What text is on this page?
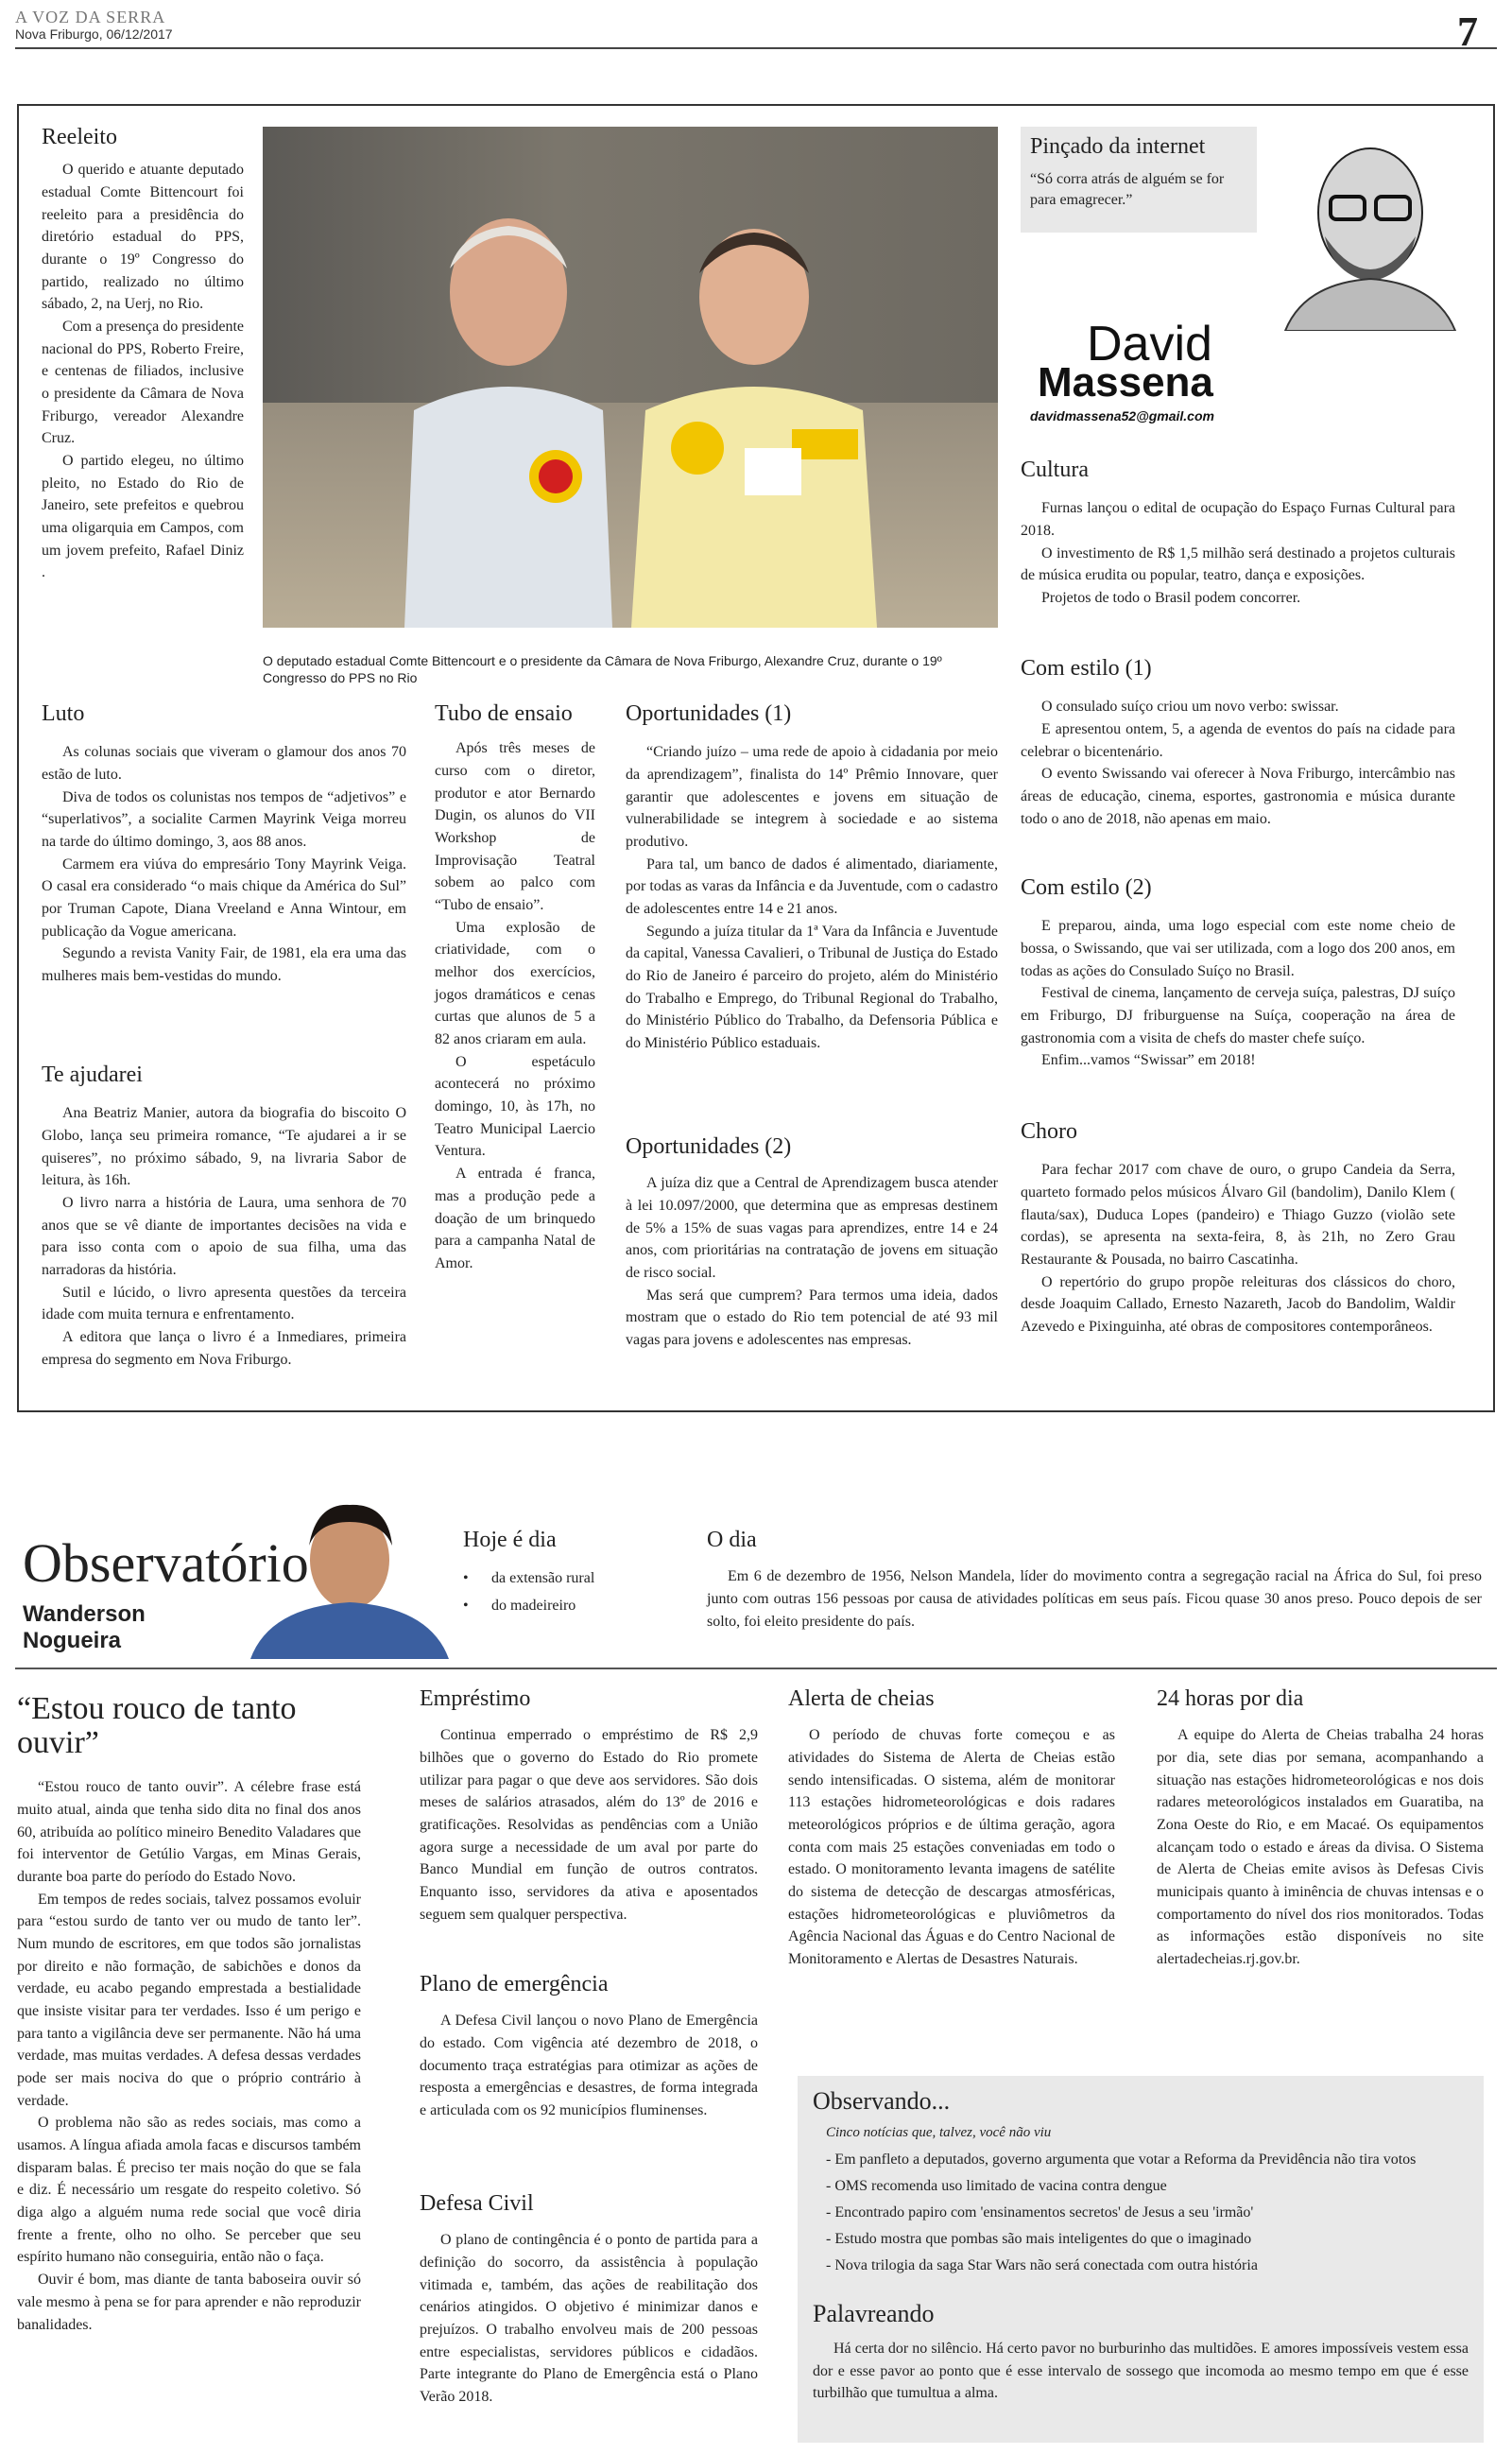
A VOZ DA SERRA
Nova Friburgo, 06/12/2017	7
Reeleito

O querido e atuante deputado estadual Comte Bittencourt foi reeleito para a presidência do diretório estadual do PPS, durante o 19º Congresso do partido, realizado no último sábado, 2, na Uerj, no Rio.

Com a presença do presidente nacional do PPS, Roberto Freire, e centenas de filiados, inclusive o presidente da Câmara de Nova Friburgo, vereador Alexandre Cruz.

O partido elegeu, no último pleito, no Estado do Rio de Janeiro, sete prefeitos e quebrou uma oligarquia em Campos, com um jovem prefeito, Rafael Diniz .

O deputado estadual Comte Bittencourt e o presidente da Câmara de Nova Friburgo, Alexandre Cruz, durante o 19º Congresso do PPS no Rio
Pinçado da internet
“Só corra atrás de alguém se for para emagrecer.”
David
Massena
davidmassena52@gmail.com
Luto

As colunas sociais que viveram o glamour dos anos 70 estão de luto.

Diva de todos os colunistas nos tempos de “adjetivos” e “superlativos”, a socialite Carmen Mayrink Veiga morreu na tarde do último domingo, 3, aos 88 anos.

Carmem era viúva do empresário Tony Mayrink Veiga. O casal era considerado “o mais chique da América do Sul” por Truman Capote, Diana Vreeland e Anna Wintour, em publicação da Vogue americana.

Segundo a revista Vanity Fair, de 1981, ela era uma das mulheres mais bem-vestidas do mundo.

Te ajudarei

Ana Beatriz Manier, autora da biografia do biscoito O Globo, lança seu primeira romance, “Te ajudarei a ir se quiseres”, no próximo sábado, 9, na livraria Sabor de leitura, às 16h.

O livro narra a história de Laura, uma senhora de 70 anos que se vê diante de importantes decisões na vida e para isso conta com o apoio de sua filha, uma das narradoras da história.

Sutil e lúcido, o livro apresenta questões da terceira idade com muita ternura e enfrentamento.

A editora que lança o livro é a Inmediares, primeira empresa do segmento em Nova Friburgo.

Tubo de ensaio

Após três meses de curso com o diretor, produtor e ator Bernardo Dugin, os alunos do VII Workshop de Improvisação Teatral sobem ao palco com “Tubo de ensaio”.

Uma explosão de criatividade, com o melhor dos exercícios, jogos dramáticos e cenas curtas que alunos de 5 a 82 anos criaram em aula.

O espetáculo acontecerá no próximo domingo, 10, às 17h, no Teatro Municipal Laercio Ventura.

A entrada é franca, mas a produção pede a doação de um brinquedo para a campanha Natal de Amor.

Oportunidades (1)

“Criando juízo – uma rede de apoio à cidadania por meio da aprendizagem”, finalista do 14º Prêmio Innovare, quer garantir que adolescentes e jovens em situação de vulnerabilidade se integrem à sociedade e ao sistema produtivo.

Para tal, um banco de dados é alimentado, diariamente, por todas as varas da Infância e da Juventude, com o cadastro de adolescentes entre 14 e 21 anos.

Segundo a juíza titular da 1ª Vara da Infância e Juventude da capital, Vanessa Cavalieri, o Tribunal de Justiça do Estado do Rio de Janeiro é parceiro do projeto, além do Ministério do Trabalho e Emprego, do Tribunal Regional do Trabalho, do Ministério Público do Trabalho, da Defensoria Pública e do Ministério Público estaduais.

Oportunidades (2)

A juíza diz que a Central de Aprendizagem busca atender à lei 10.097/2000, que determina que as empresas destinem de 5% a 15% de suas vagas para aprendizes, entre 14 e 24 anos, com prioritárias na contratação de jovens em situação de risco social.

Mas será que cumprem? Para termos uma ideia, dados mostram que o estado do Rio tem potencial de até 93 mil vagas para jovens e adolescentes nas empresas.

Cultura

Furnas lançou o edital de ocupação do Espaço Furnas Cultural para 2018.

O investimento de R$ 1,5 milhão será destinado a projetos culturais de música erudita ou popular, teatro, dança e exposições.

Projetos de todo o Brasil podem concorrer.

Com estilo (1)

O consulado suíço criou um novo verbo: swissar.

E apresentou ontem, 5, a agenda de eventos do país na cidade para celebrar o bicentenário.

O evento Swissando vai oferecer à Nova Friburgo, intercâmbio nas áreas de educação, cinema, esportes, gastronomia e música durante todo o ano de 2018, não apenas em maio.

Com estilo (2)

E preparou, ainda, uma logo especial com este nome cheio de bossa, o Swissando, que vai ser utilizada, com a logo dos 200 anos, em todas as ações do Consulado Suíço no Brasil.

Festival de cinema, lançamento de cerveja suíça, palestras, DJ suíço em Friburgo, DJ friburguense na Suíça, cooperação na área de gastronomia com a visita de chefs do master chefe suíço.

Enfim...vamos “Swissar” em 2018!

Choro

Para fechar 2017 com chave de ouro, o grupo Candeia da Serra, quarteto formado pelos músicos Álvaro Gil (bandolim), Danilo Klem ( flauta/sax), Duduca Lopes (pandeiro) e Thiago Guzzo (violão sete cordas), se apresenta na sexta-feira, 8, às 21h, no Zero Grau Restaurante & Pousada, no bairro Cascatinha.

O repertório do grupo propõe releituras dos clássicos do choro, desde Joaquim Callado, Ernesto Nazareth, Jacob do Bandolim, Waldir Azevedo e Pixinguinha, até obras de compositores contemporâneos.

Observatório
Wanderson
Nogueira
Hoje é dia
• da extensão rural
• do madeireiro
O dia

Em 6 de dezembro de 1956, Nelson Mandela, líder do movimento contra a segregação racial na África do Sul, foi preso junto com outras 156 pessoas por causa de atividades políticas em seus país. Ficou quase 30 anos preso. Pouco depois de ser solto, foi eleito presidente do país.

“Estou rouco de tanto ouvir”

“Estou rouco de tanto ouvir”. A célebre frase está muito atual, ainda que tenha sido dita no final dos anos 60, atribuída ao político mineiro Benedito Valadares que foi interventor de Getúlio Vargas, em Minas Gerais, durante boa parte do período do Estado Novo.

Em tempos de redes sociais, talvez possamos evoluir para “estou surdo de tanto ver ou mudo de tanto ler”. Num mundo de escritores, em que todos são jornalistas por direito e não formação, de sabichões e donos da verdade, eu acabo pegando emprestada a bestialidade que insiste visitar para ter verdades. Isso é um perigo e para tanto a vigilância deve ser permanente. Não há uma verdade, mas muitas verdades. A defesa dessas verdades pode ser mais nociva do que o próprio contrário à verdade.

O problema não são as redes sociais, mas como a usamos. A língua afiada amola facas e discursos também disparam balas. É preciso ter mais noção do que se fala e diz. É necessário um resgate do respeito coletivo. Só diga algo a alguém numa rede social que você diria frente a frente, olho no olho. Se perceber que seu espírito humano não conseguiria, então não o faça.

Ouvir é bom, mas diante de tanta baboseira ouvir só vale mesmo à pena se for para aprender e não reproduzir banalidades.

Empréstimo

Continua emperrado o empréstimo de R$ 2,9 bilhões que o governo do Estado do Rio promete utilizar para pagar o que deve aos servidores. São dois meses de salários atrasados, além do 13º de 2016 e gratificações. Resolvidas as pendências com a União agora surge a necessidade de um aval por parte do Banco Mundial em função de outros contratos. Enquanto isso, servidores da ativa e aposentados seguem sem qualquer perspectiva.

Plano de emergência

A Defesa Civil lançou o novo Plano de Emergência do estado. Com vigência até dezembro de 2018, o documento traça estratégias para otimizar as ações de resposta a emergências e desastres, de forma integrada e articulada com os 92 municípios fluminenses.

Defesa Civil

O plano de contingência é o ponto de partida para a definição do socorro, da assistência à população vitimada e, também, das ações de reabilitação dos cenários atingidos. O objetivo é minimizar danos e prejuízos. O trabalho envolveu mais de 200 pessoas entre especialistas, servidores públicos e cidadãos. Parte integrante do Plano de Emergência está o Plano Verão 2018.

Alerta de cheias

O período de chuvas forte começou e as atividades do Sistema de Alerta de Cheias estão sendo intensificadas. O sistema, além de monitorar 113 estações hidrometeorológicas e dois radares meteorológicos próprios e de última geração, agora conta com mais 25 estações conveniadas em todo o estado. O monitoramento levanta imagens de satélite do sistema de detecção de descargas atmosféricas, estações hidrometeorológicas e pluviômetros da Agência Nacional das Águas e do Centro Nacional de Monitoramento e Alertas de Desastres Naturais.

24 horas por dia

A equipe do Alerta de Cheias trabalha 24 horas por dia, sete dias por semana, acompanhando a situação nas estações hidrometeorológicas e nos dois radares meteorológicos instalados em Guaratiba, na Zona Oeste do Rio, e em Macaé. Os equipamentos alcançam todo o estado e áreas da divisa. O Sistema de Alerta de Cheias emite avisos às Defesas Civis municipais quanto à iminência de chuvas intensas e o comportamento do nível dos rios monitorados. Todas as informações estão disponíveis no site alertadecheias.rj.gov.br.

Observando...
Cinco notícias que, talvez, você não viu
- Em panfleto a deputados, governo argumenta que votar a Reforma da Previdência não tira votos
- OMS recomenda uso limitado de vacina contra dengue
- Encontrado papiro com 'ensinamentos secretos' de Jesus a seu 'irmão'
- Estudo mostra que pombas são mais inteligentes do que o imaginado
- Nova trilogia da saga Star Wars não será conectada com outra história
Palavreando

Há certa dor no silêncio. Há certo pavor no burburinho das multidões. E amores impossíveis vestem essa dor e esse pavor ao ponto que é esse intervalo de sossego que incomoda ao mesmo tempo em que é esse turbilhão que tumultua a alma.
